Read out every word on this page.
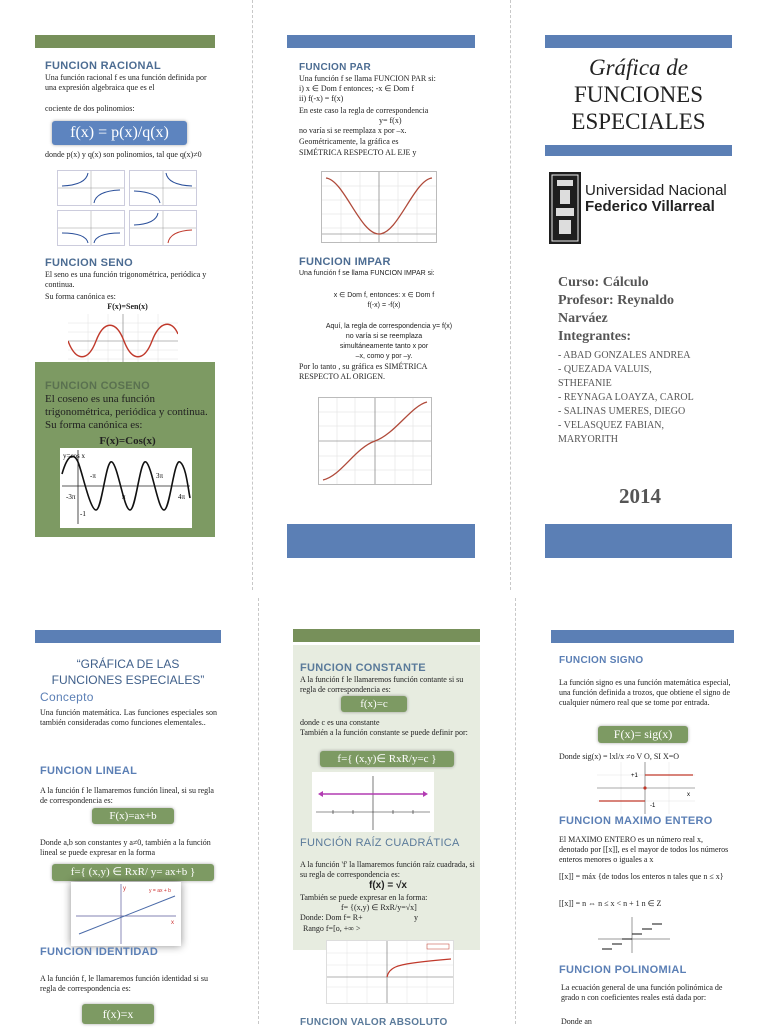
FUNCION RACIONAL

Una función racional f es una función definida por una expresión algebraica que es el

cociente de dos polinomios:

f(x) = p(x)/q(x)

donde p(x) y q(x) son polinomios, tal que q(x)≠0

FUNCION SENO

El seno es una función trigonométrica, periódica y continua.

Su forma canónica es:

F(x)=Sen(x)

FUNCION COSENO

El coseno es una función trigonométrica, periódica y continua. Su forma canónica es:

F(x)=Cos(x)

y=cos x
-3π
-π
π
3π
4π
-1
FUNCION PAR

Una función f se llama FUNCION PAR si:

i) x ∈ Dom f entonces; -x ∈ Dom f

ii) f(-x) = f(x)

En este caso la regla de correspondencia

y= f(x)

no varía si se reemplaza x por –x.

Geométricamente, la gráfica es

SIMÉTRICA RESPECTO AL EJE y

FUNCION IMPAR

Una función f se llama FUNCION IMPAR si:

x ∈ Dom f, entonces: x ∈ Dom f

f(-x) = -f(x)

Aquí, la regla de correspondencia y= f(x)

no varía si se reemplaza

simultáneamente tanto x por

–x, como y por –y.

Por lo tanto , su gráfica es SIMÉTRICA

RESPECTO AL ORIGEN.

Gráfica de
FUNCIONES
ESPECIALES
Universidad Nacional
Federico Villarreal
Curso: Cálculo
Profesor: Reynaldo
Narváez
Integrantes:
- ABAD GONZALES ANDREA
- QUEZADA VALUIS,
STHEFANIE
- REYNAGA LOAYZA, CAROL
- SALINAS UMERES, DIEGO
- VELASQUEZ FABIAN,
MARYORITH
2014
“GRÁFICA DE LAS
FUNCIONES ESPECIALES”
Concepto

Una función matemática. Las funciones especiales son también consideradas como funciones elementales..

FUNCION LINEAL

A la función f le llamaremos función lineal, si su regla de correspondencia es:

F(x)=ax+b

Donde a,b son constantes y a≠0, también a la función lineal se puede expresar en la forma

f={ (x,y) ∈ RxR/ y= ax+b }
y = ax + b
x
y
FUNCION IDENTIDAD

A la función f, le llamaremos función identidad si su regla de correspondencia es:

f(x)=x
FUNCION CONSTANTE

A la función f le llamaremos función contante si su regla de correspondencia es:

f(x)=c

donde c es una constante

También a la función constante se puede definir por:

f={ (x,y)∈ RxR/y=c }
FUNCIÓN RAÍZ CUADRÁTICA

A la función 'f' la llamaremos función raíz cuadrada, si su regla de correspondencia es:

f(x) = √x

También se puede expresar en la forma:

f= {(x,y) ∈ RxR/y=√x]

Donde: Dom f= R+	y

Rango f=[o, +∞ >

FUNCION VALOR ABSOLUTO
FUNCION SIGNO

La función signo es una función matemática especial, una función definida a trozos, que obtiene el signo de cualquier número real que se tome por entrada.

F(x)= sig(x)

Donde sig(x) = lxl/x ≠o V O, SI X=O

+1
-1
x
FUNCION MAXIMO ENTERO

El MAXIMO ENTERO es un número real x, denotado por [[x]], es el mayor de todos los números enteros menores o iguales a x

[[x]] = máx {de todos los enteros n tales que n ≤ x}

[[x]] = n ⇔ n ≤ x < n + 1 n ∈ Z

FUNCION POLINOMIAL

La ecuación general de una función polinómica de grado n con coeficientes reales está dada por:

Donde an
